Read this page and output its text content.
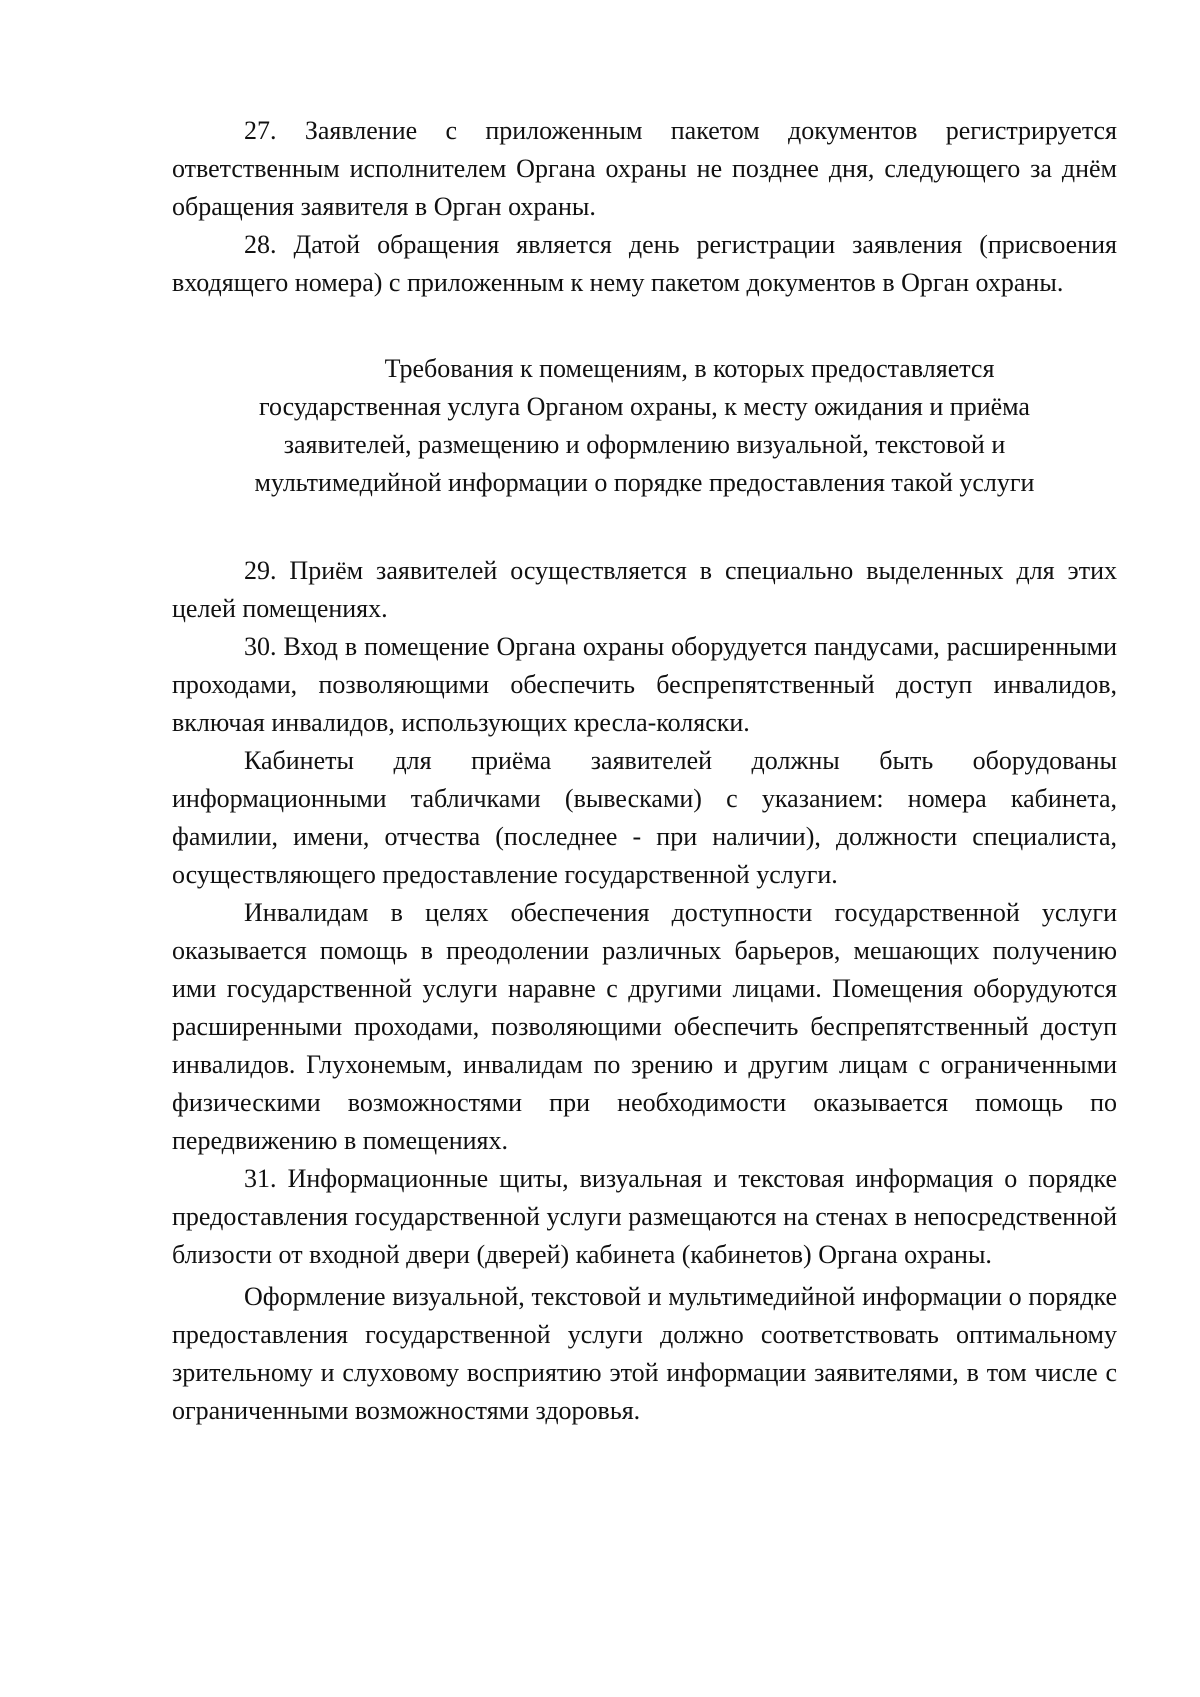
27. Заявление с приложенным пакетом документов регистрируется ответственным исполнителем Органа охраны не позднее дня, следующего за днём обращения заявителя в Орган охраны.

28. Датой обращения является день регистрации заявления (присвоения входящего номера) с приложенным к нему пакетом документов в Орган охраны.

Требования к помещениям, в которых предоставляется
государственная услуга Органом охраны, к месту ожидания и приёма заявителей, размещению и оформлению визуальной, текстовой и мультимедийной информации о порядке предоставления такой услуги

29. Приём заявителей осуществляется в специально выделенных для этих целей помещениях.

30. Вход в помещение Органа охраны оборудуется пандусами, расширенными проходами, позволяющими обеспечить беспрепятственный доступ инвалидов, включая инвалидов, использующих кресла-коляски.

Кабинеты для приёма заявителей должны быть оборудованы информационными табличками (вывесками) с указанием: номера кабинета, фамилии, имени, отчества (последнее - при наличии), должности специалиста, осуществляющего предоставление государственной услуги.

Инвалидам в целях обеспечения доступности государственной услуги оказывается помощь в преодолении различных барьеров, мешающих получению ими государственной услуги наравне с другими лицами. Помещения оборудуются расширенными проходами, позволяющими обеспечить беспрепятственный доступ инвалидов. Глухонемым, инвалидам по зрению и другим лицам с ограниченными физическими возможностями при необходимости оказывается помощь по передвижению в помещениях.

31. Информационные щиты, визуальная и текстовая информация о порядке предоставления государственной услуги размещаются на стенах в непосредственной близости от входной двери (дверей) кабинета (кабинетов) Органа охраны.

Оформление визуальной, текстовой и мультимедийной информации о порядке предоставления государственной услуги должно соответствовать оптимальному зрительному и слуховому восприятию этой информации заявителями, в том числе с ограниченными возможностями здоровья.
